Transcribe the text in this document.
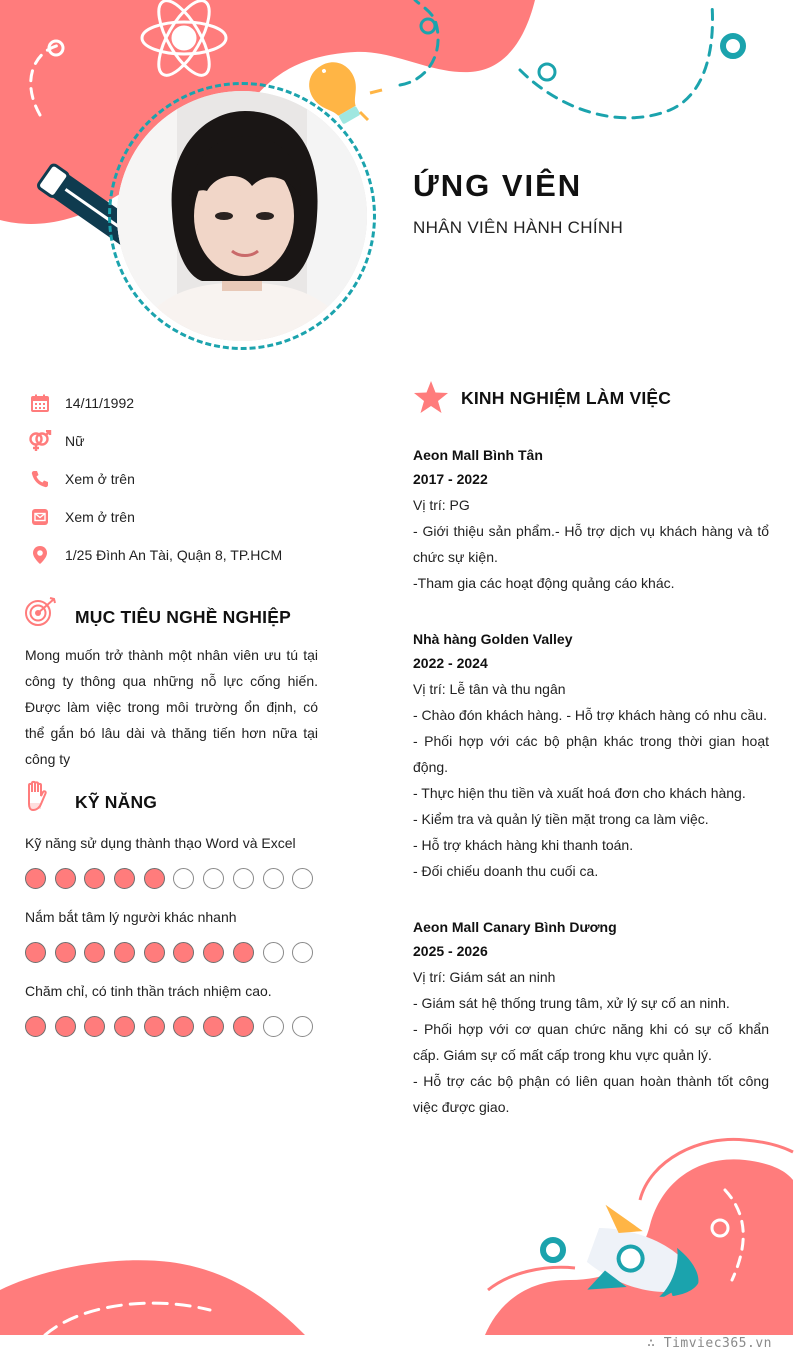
ỨNG VIÊN
NHÂN VIÊN HÀNH CHÍNH
14/11/1992
Nữ
Xem ở trên
Xem ở trên
1/25 Đình An Tài, Quận 8, TP.HCM
MỤC TIÊU NGHỀ NGHIỆP
Mong muốn trở thành một nhân viên ưu tú tại công ty thông qua những nỗ lực cống hiến. Được làm việc trong môi trường ổn định, có thể gắn bó lâu dài và thăng tiến hơn nữa tại công ty
KỸ NĂNG
Kỹ năng sử dụng thành thạo Word và Excel
Nắm bắt tâm lý người khác nhanh
Chăm chỉ, có tinh thần trách nhiệm cao.
KINH NGHIỆM LÀM VIỆC
Aeon Mall Bình Tân
2017 - 2022
Vị trí: PG
- Giới thiệu sản phẩm.- Hỗ trợ dịch vụ khách hàng và tổ chức sự kiện.
-Tham gia các hoạt động quảng cáo khác.
Nhà hàng Golden Valley
2022 - 2024
Vị trí: Lễ tân và thu ngân
- Chào đón khách hàng. - Hỗ trợ khách hàng có nhu cầu.
- Phối hợp với các bộ phận khác trong thời gian hoạt động.
- Thực hiện thu tiền và xuất hoá đơn cho khách hàng.
- Kiểm tra và quản lý tiền mặt trong ca làm việc.
- Hỗ trợ khách hàng khi thanh toán.
- Đối chiếu doanh thu cuối ca.
Aeon Mall Canary Bình Dương
2025 - 2026
Vị trí: Giám sát an ninh
- Giám sát hệ thống trung tâm, xử lý sự cố an ninh.
- Phối hợp với cơ quan chức năng khi có sự cố khẩn cấp. Giám sự cố mất cấp trong khu vực quản lý.
- Hỗ trợ các bộ phận có liên quan hoàn thành tốt công việc được giao.
∴ Timviec365.vn
